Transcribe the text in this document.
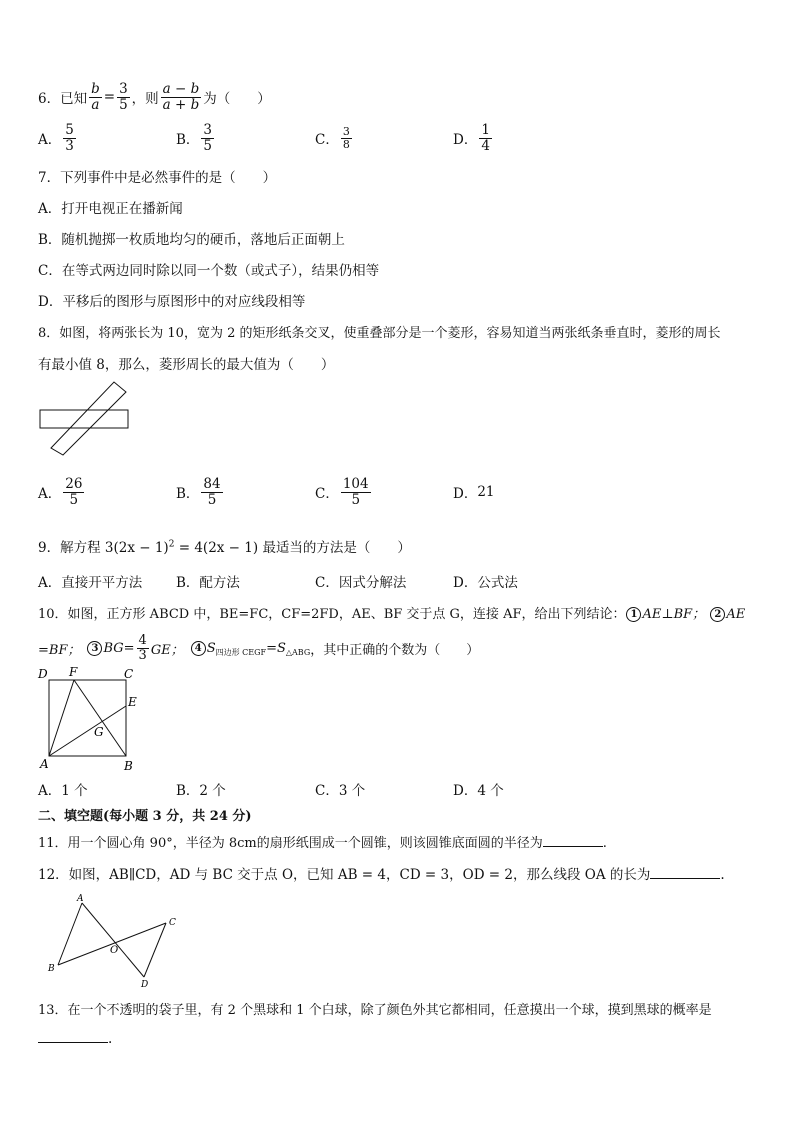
6．已知 $\frac{b}{a} = \frac{3}{5}$ ，则 $\frac{a - b}{a + b}$ 为（　　）
A． $\frac{5}{3}$	B． $\frac{3}{5}$	C． $\frac{3}{8}$	D． $\frac{1}{4}$
7．下列事件中是必然事件的是（　　）
A．打开电视正在播新闻
B．随机抛掷一枚质地均匀的硬币，落地后正面朝上
C．在等式两边同时除以同一个数（或式子），结果仍相等
D．平移后的图形与原图形中的对应线段相等
8．如图，将两张长为 10，宽为 2 的矩形纸条交叉，使重叠部分是一个菱形，容易知道当两张纸条垂直时，菱形的周长
有最小值 8，那么，菱形周长的最大值为（　　）
A． $\frac{26}{5}$	B． $\frac{84}{5}$	C． $\frac{104}{5}$	D． 21
9．解方程 $3(2x - 1)^2 = 4(2x - 1)$ 最适当的方法是（　　）
A．直接开平方法	B．配方法	C．因式分解法	D．公式法
10．如图，正方形 ABCD 中，BE=FC，CF=2FD，AE、BF 交于点 G，连接 AF，给出下列结论： 1 AE⊥BF； 2 AE
=BF；	3 $BG= \frac{4}{3}$ GE；	4 S 四边形 CEGF =S △ABG ，其中正确的个数为（　　）
D F	C
E
G
A	B
A．1 个	B．2 个	C．3 个	D．4 个
二、填空题(每小题 3 分，共 24 分)
11．用一个圆心角 90°，半径为 8cm的扇形纸围成一个圆锥，则该圆锥底面圆的半径为	.
12．如图，AB∥CD，AD 与 BC 交于点 O，已知 AB = 4，CD = 3，OD = 2，那么线段 OA 的长为	.
A
B
O
C
D
13．在一个不透明的袋子里，有 2 个黑球和 1 个白球，除了颜色外其它都相同，任意摸出一个球，摸到黑球的概率是
.
